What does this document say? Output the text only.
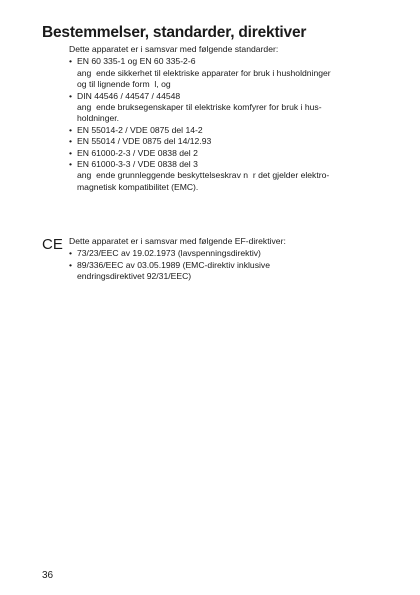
Bestemmelser, standarder, direktiver

Dette apparatet er i samsvar med følgende standarder:

• EN 60 335-1 og EN 60 335-2-6
ang  ende sikkerhet til elektriske apparater for bruk i husholdninger
og til lignende form  l, og
• DIN 44546 / 44547 / 44548
ang  ende bruksegenskaper til elektriske komfyrer for bruk i hus-
holdninger.
• EN 55014-2 / VDE 0875 del 14-2
• EN 55014 / VDE 0875 del 14/12.93
• EN 61000-2-3 / VDE 0838 del 2
• EN 61000-3-3 / VDE 0838 del 3
ang  ende grunnleggende beskyttelseskrav n  r det gjelder elektro-
magnetisk kompatibilitet (EMC).
CE Dette apparatet er i samsvar med følgende EF-direktiver:

• 73/23/EEC av 19.02.1973 (lavspenningsdirektiv)
• 89/336/EEC av 03.05.1989 (EMC-direktiv inklusive
endringsdirektivet 92/31/EEC)
36
